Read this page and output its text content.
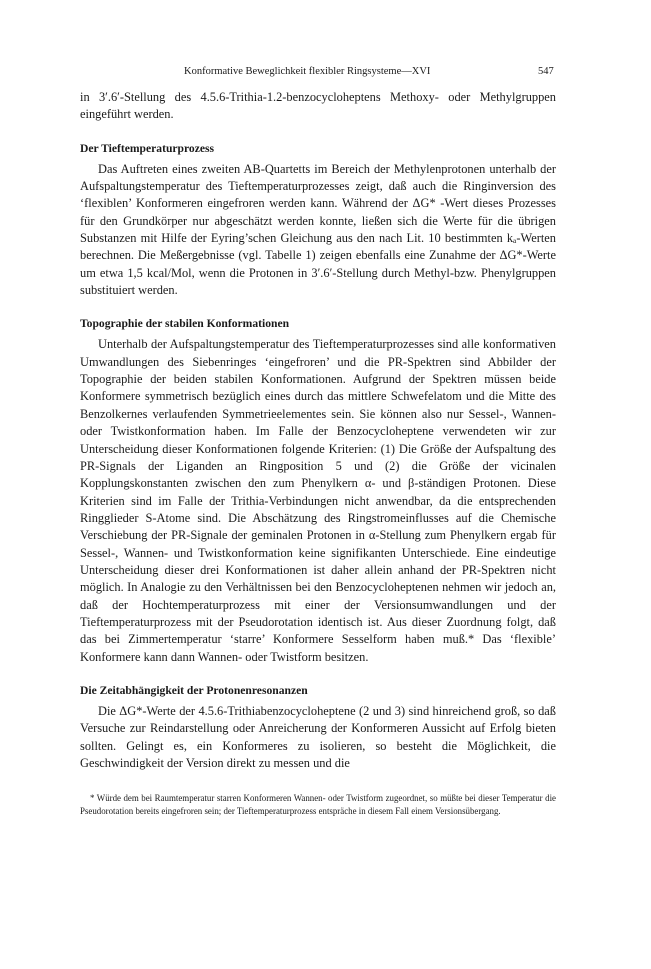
Konformative Beweglichkeit flexibler Ringsysteme—XVI	547

in 3′.6′-Stellung des 4.5.6-Trithia-1.2-benzocycloheptens Methoxy- oder Methylgruppen eingeführt werden.

Der Tieftemperaturprozess

Das Auftreten eines zweiten AB-Quartetts im Bereich der Methylenprotonen unterhalb der Aufspaltungstemperatur des Tieftemperaturprozesses zeigt, daß auch die Ringinversion des ‘flexiblen’ Konformeren eingefroren werden kann. Während der ΔG* -Wert dieses Prozesses für den Grundkörper nur abgeschätzt werden konnte, ließen sich die Werte für die übrigen Substanzen mit Hilfe der Eyring’schen Gleichung aus den nach Lit. 10 bestimmten kₐ-Werten berechnen. Die Meßergebnisse (vgl. Tabelle 1) zeigen ebenfalls eine Zunahme der ΔG*-Werte um etwa 1,5 kcal/Mol, wenn die Protonen in 3′.6′-Stellung durch Methyl-bzw. Phenylgruppen substituiert werden.

Topographie der stabilen Konformationen

Unterhalb der Aufspaltungstemperatur des Tieftemperaturprozesses sind alle konformativen Umwandlungen des Siebenringes ‘eingefroren’ und die PR-Spektren sind Abbilder der Topographie der beiden stabilen Konformationen. Aufgrund der Spektren müssen beide Konformere symmetrisch bezüglich eines durch das mittlere Schwefelatom und die Mitte des Benzolkernes verlaufenden Symmetrieelementes sein. Sie können also nur Sessel-, Wannen- oder Twistkonformation haben. Im Falle der Benzocycloheptene verwendeten wir zur Unterscheidung dieser Konformationen folgende Kriterien: (1) Die Größe der Aufspaltung des PR-Signals der Liganden an Ringposition 5 und (2) die Größe der vicinalen Kopplungskonstanten zwischen den zum Phenylkern α- und β-ständigen Protonen. Diese Kriterien sind im Falle der Trithia-Verbindungen nicht anwendbar, da die entsprechenden Ringglieder S-Atome sind. Die Abschätzung des Ringstromeinflusses auf die Chemische Verschiebung der PR-Signale der geminalen Protonen in α-Stellung zum Phenylkern ergab für Sessel-, Wannen- und Twistkonformation keine signifikanten Unterschiede. Eine eindeutige Unterscheidung dieser drei Konformationen ist daher allein anhand der PR-Spektren nicht möglich. In Analogie zu den Verhältnissen bei den Benzocycloheptenen nehmen wir jedoch an, daß der Hochtemperaturprozess mit einer der Versionsumwandlungen und der Tieftemperaturprozess mit der Pseudorotation identisch ist. Aus dieser Zuordnung folgt, daß das bei Zimmertemperatur ‘starre’ Konformere Sesselform haben muß.* Das ‘flexible’ Konformere kann dann Wannen- oder Twistform besitzen.

Die Zeitabhängigkeit der Protonenresonanzen

Die ΔG*-Werte der 4.5.6-Trithiabenzocycloheptene (2 und 3) sind hinreichend groß, so daß Versuche zur Reindarstellung oder Anreicherung der Konformeren Aussicht auf Erfolg bieten sollten. Gelingt es, ein Konformeres zu isolieren, so besteht die Möglichkeit, die Geschwindigkeit der Version direkt zu messen und die

* Würde dem bei Raumtemperatur starren Konformeren Wannen- oder Twistform zugeordnet, so müßte bei dieser Temperatur die Pseudorotation bereits eingefroren sein; der Tieftemperaturprozess entspräche in diesem Fall einem Versionsübergang.
